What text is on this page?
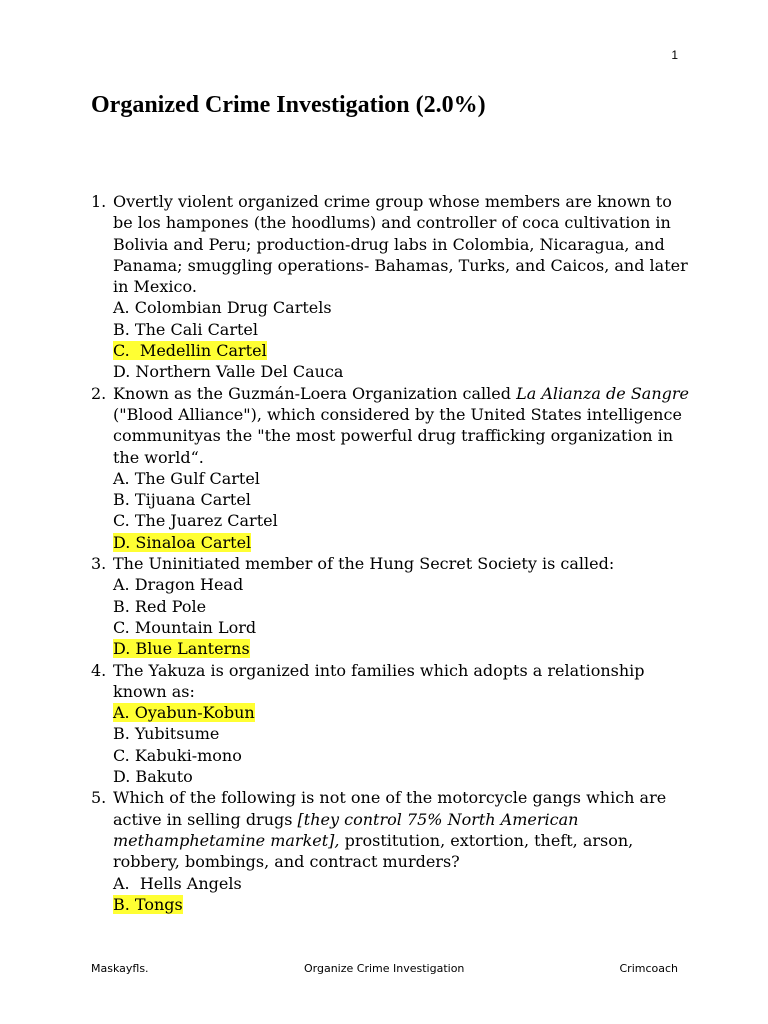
1
Organized Crime Investigation (2.0%)
1. Overtly violent organized crime group whose members are known to be los hampones (the hoodlums) and controller of coca cultivation in Bolivia and Peru; production-drug labs in Colombia, Nicaragua, and Panama; smuggling operations- Bahamas, Turks, and Caicos, and later in Mexico.
A. Colombian Drug Cartels
B. The Cali Cartel
C.  Medellin Cartel
D. Northern Valle Del Cauca
2. Known as the Guzmán-Loera Organization called La Alianza de Sangre ("Blood Alliance"), which considered by the United States intelligence communityas the "the most powerful drug trafficking organization in the world“.
A. The Gulf Cartel
B. Tijuana Cartel
C. The Juarez Cartel
D. Sinaloa Cartel
3. The Uninitiated member of the Hung Secret Society is called:
A. Dragon Head
B. Red Pole
C. Mountain Lord
D. Blue Lanterns
4. The Yakuza is organized into families which adopts a relationship known as:
A. Oyabun-Kobun
B. Yubitsume
C. Kabuki-mono
D. Bakuto
5. Which of the following is not one of the motorcycle gangs which are active in selling drugs [they control 75% North American methamphetamine market], prostitution, extortion, theft, arson, robbery, bombings, and contract murders?
A.  Hells Angels
B. Tongs
Maskayfls.	Organize Crime Investigation	Crimcoach
